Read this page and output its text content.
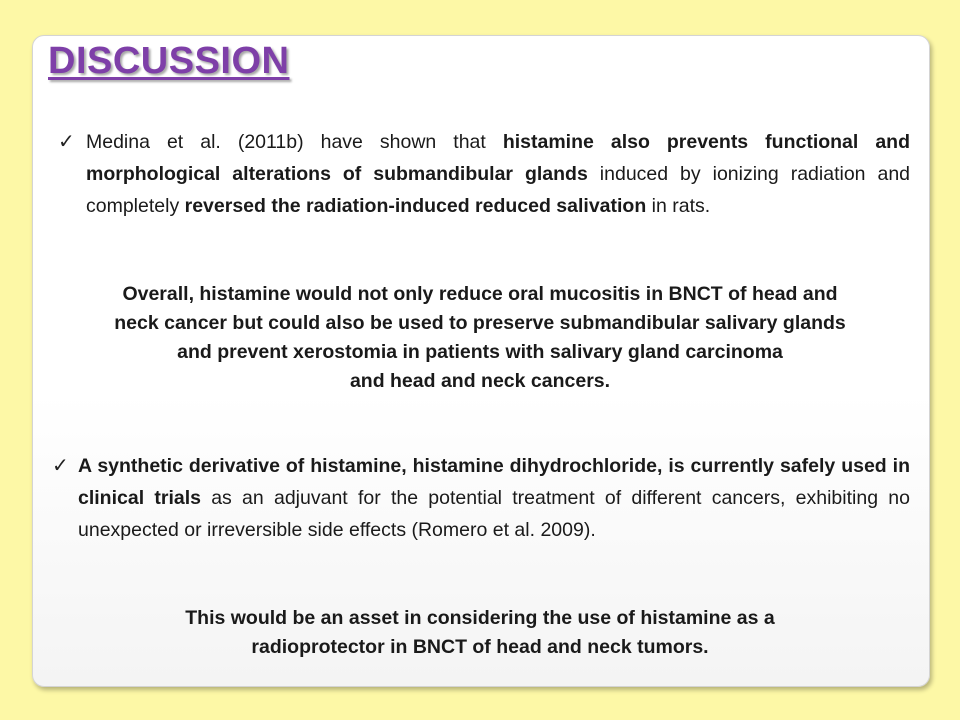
DISCUSSION
✓ Medina et al. (2011b) have shown that histamine also prevents functional and morphological alterations of submandibular glands induced by ionizing radiation and completely reversed the radiation-induced reduced salivation in rats.

Overall, histamine would not only reduce oral mucositis in BNCT of head and
neck cancer but could also be used to preserve submandibular salivary glands
and prevent xerostomia in patients with salivary gland carcinoma
and head and neck cancers.

✓ A synthetic derivative of histamine, histamine dihydrochloride, is currently safely used in clinical trials as an adjuvant for the potential treatment of different cancers, exhibiting no unexpected or irreversible side effects (Romero et al. 2009).

This would be an asset in considering the use of histamine as a
radioprotector in BNCT of head and neck tumors.
